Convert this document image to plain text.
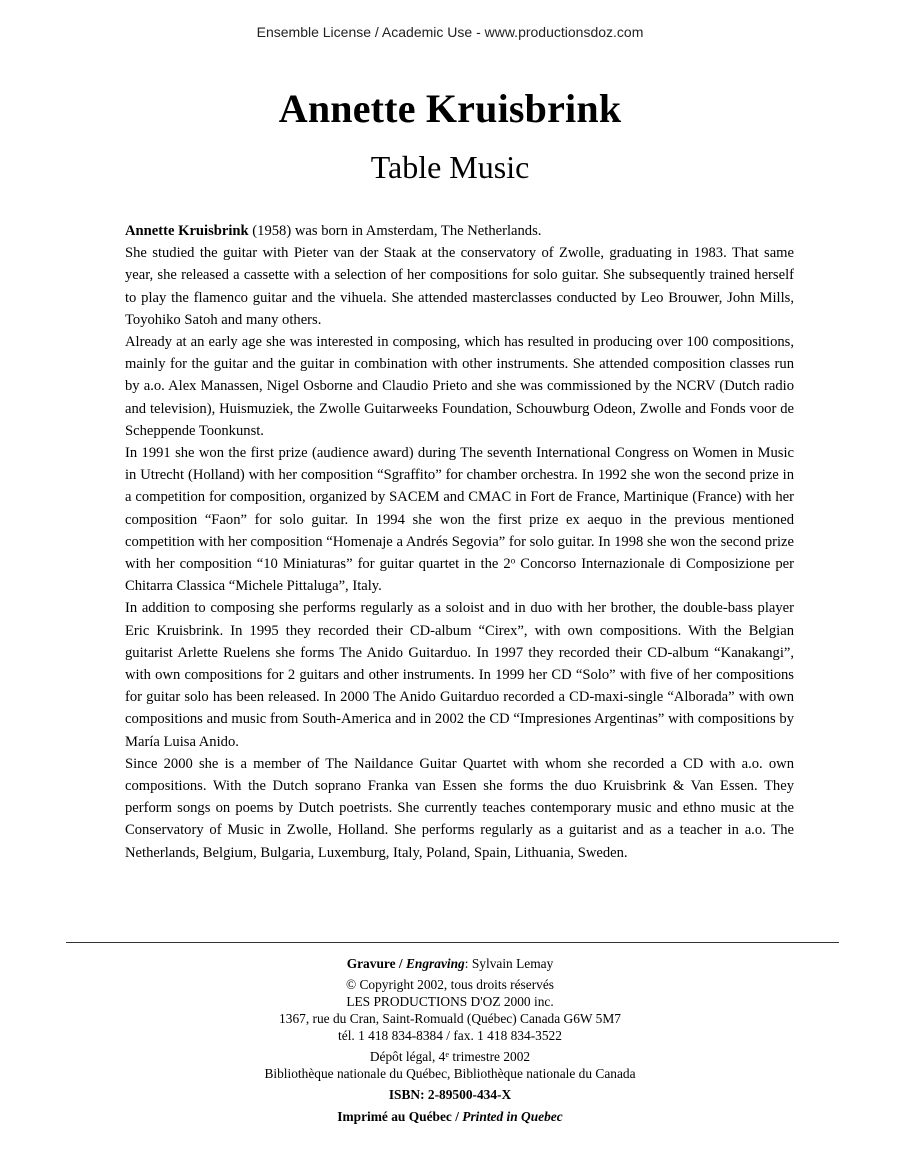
Ensemble License / Academic Use - www.productionsdoz.com
Annette Kruisbrink
Table Music

Annette Kruisbrink (1958) was born in Amsterdam, The Netherlands.

She studied the guitar with Pieter van der Staak at the conservatory of Zwolle, graduating in 1983. That same year, she released a cassette with a selection of her compositions for solo guitar. She subsequently trained herself to play the flamenco guitar and the vihuela. She attended masterclasses conducted by Leo Brouwer, John Mills, Toyohiko Satoh and many others.

Already at an early age she was interested in composing, which has resulted in producing over 100 compositions, mainly for the guitar and the guitar in combination with other instruments. She attended composition classes run by a.o. Alex Manassen, Nigel Osborne and Claudio Prieto and she was commissioned by the NCRV (Dutch radio and television), Huismuziek, the Zwolle Guitarweeks Foundation, Schouwburg Odeon, Zwolle and Fonds voor de Scheppende Toonkunst.

In 1991 she won the first prize (audience award) during The seventh International Congress on Women in Music in Utrecht (Holland) with her composition “Sgraffito” for chamber orchestra. In 1992 she won the second prize in a competition for composition, organized by SACEM and CMAC in Fort de France, Martinique (France) with her composition “Faon” for solo guitar. In 1994 she won the first prize ex aequo in the previous mentioned competition with her composition “Homenaje a Andrés Segovia” for solo guitar. In 1998 she won the second prize with her composition “10 Miniaturas” for guitar quartet in the 2$^o$ Concorso Internazionale di Composizione per Chitarra Classica “Michele Pittaluga”, Italy.

In addition to composing she performs regularly as a soloist and in duo with her brother, the double-bass player Eric Kruisbrink. In 1995 they recorded their CD-album “Cirex”, with own compositions. With the Belgian guitarist Arlette Ruelens she forms The Anido Guitarduo. In 1997 they recorded their CD-album “Kanakangi”, with own compositions for 2 guitars and other instruments. In 1999 her CD “Solo” with five of her compositions for guitar solo has been released. In 2000 The Anido Guitarduo recorded a CD-maxi-single “Alborada” with own compositions and music from South-America and in 2002 the CD “Impresiones Argentinas” with compositions by María Luisa Anido.

Since 2000 she is a member of The Naildance Guitar Quartet with whom she recorded a CD with a.o. own compositions. With the Dutch soprano Franka van Essen she forms the duo Kruisbrink & Van Essen. They perform songs on poems by Dutch poetrists. She currently teaches contemporary music and ethno music at the Conservatory of Music in Zwolle, Holland. She performs regularly as a guitarist and as a teacher in a.o. The Netherlands, Belgium, Bulgaria, Luxemburg, Italy, Poland, Spain, Lithuania, Sweden.

Gravure / Engraving: Sylvain Lemay

© Copyright 2002, tous droits réservés

LES PRODUCTIONS D'OZ 2000 inc.

1367, rue du Cran, Saint-Romuald (Québec) Canada G6W 5M7

tél. 1 418 834-8384 / fax. 1 418 834-3522

Dépôt légal, 4e trimestre 2002

Bibliothèque nationale du Québec, Bibliothèque nationale du Canada

ISBN: 2-89500-434-X

Imprimé au Québec / Printed in Quebec
